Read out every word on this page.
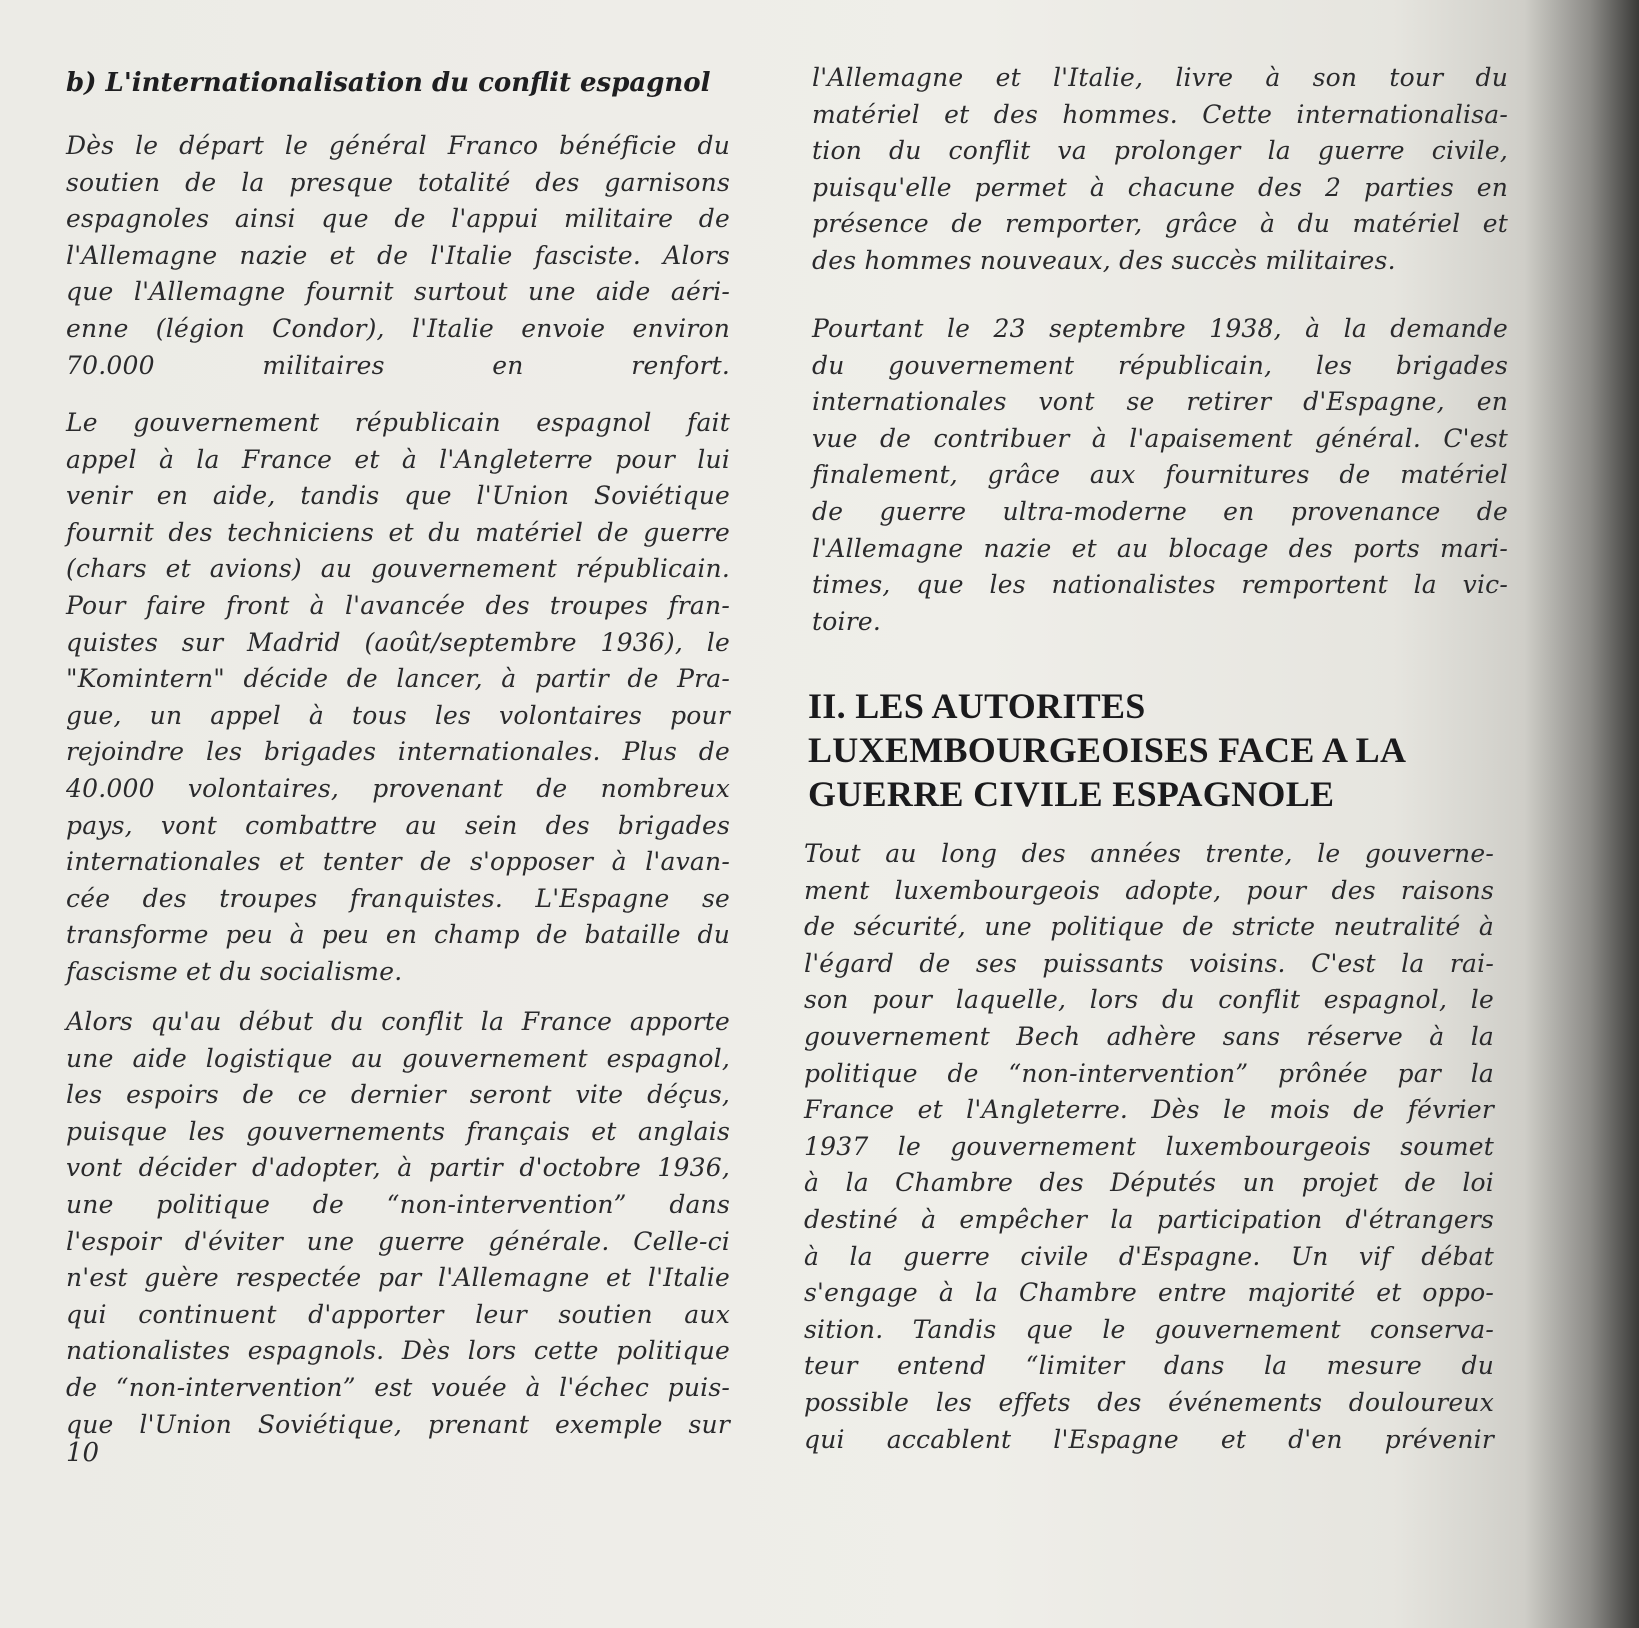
b) L'internationalisation du conflit espagnol
Dès le départ le général Franco bénéficie du
soutien de la presque totalité des garnisons
espagnoles ainsi que de l'appui militaire de
l'Allemagne nazie et de l'Italie fasciste. Alors
que l'Allemagne fournit surtout une aide aéri-
enne (légion Condor), l'Italie envoie environ
70.000 militaires en renfort.
Le gouvernement républicain espagnol fait
appel à la France et à l'Angleterre pour lui
venir en aide, tandis que l'Union Soviétique
fournit des techniciens et du matériel de guerre
(chars et avions) au gouvernement républicain.
Pour faire front à l'avancée des troupes fran-
quistes sur Madrid (août/septembre 1936), le
"Komintern" décide de lancer, à partir de Pra-
gue, un appel à tous les volontaires pour
rejoindre les brigades internationales. Plus de
40.000 volontaires, provenant de nombreux
pays, vont combattre au sein des brigades
internationales et tenter de s'opposer à l'avan-
cée des troupes franquistes. L'Espagne se
transforme peu à peu en champ de bataille du
fascisme et du socialisme.
Alors qu'au début du conflit la France apporte
une aide logistique au gouvernement espagnol,
les espoirs de ce dernier seront vite déçus,
puisque les gouvernements français et anglais
vont décider d'adopter, à partir d'octobre 1936,
une politique de “non-intervention” dans
l'espoir d'éviter une guerre générale. Celle-ci
n'est guère respectée par l'Allemagne et l'Italie
qui continuent d'apporter leur soutien aux
nationalistes espagnols. Dès lors cette politique
de “non-intervention” est vouée à l'échec puis-
que l'Union Soviétique, prenant exemple sur
10
l'Allemagne et l'Italie, livre à son tour du
matériel et des hommes. Cette internationalisa-
tion du conflit va prolonger la guerre civile,
puisqu'elle permet à chacune des 2 parties en
présence de remporter, grâce à du matériel et
des hommes nouveaux, des succès militaires.
Pourtant le 23 septembre 1938, à la demande
du gouvernement républicain, les brigades
internationales vont se retirer d'Espagne, en
vue de contribuer à l'apaisement général. C'est
finalement, grâce aux fournitures de matériel
de guerre ultra-moderne en provenance de
l'Allemagne nazie et au blocage des ports mari-
times, que les nationalistes remportent la vic-
toire.
II. LES AUTORITES
LUXEMBOURGEOISES FACE A LA
GUERRE CIVILE ESPAGNOLE
Tout au long des années trente, le gouverne-
ment luxembourgeois adopte, pour des raisons
de sécurité, une politique de stricte neutralité à
l'égard de ses puissants voisins. C'est la rai-
son pour laquelle, lors du conflit espagnol, le
gouvernement Bech adhère sans réserve à la
politique de “non-intervention” prônée par la
France et l'Angleterre. Dès le mois de février
1937 le gouvernement luxembourgeois soumet
à la Chambre des Députés un projet de loi
destiné à empêcher la participation d'étrangers
à la guerre civile d'Espagne. Un vif débat
s'engage à la Chambre entre majorité et oppo-
sition. Tandis que le gouvernement conserva-
teur entend “limiter dans la mesure du
possible les effets des événements douloureux
qui accablent l'Espagne et d'en prévenir
